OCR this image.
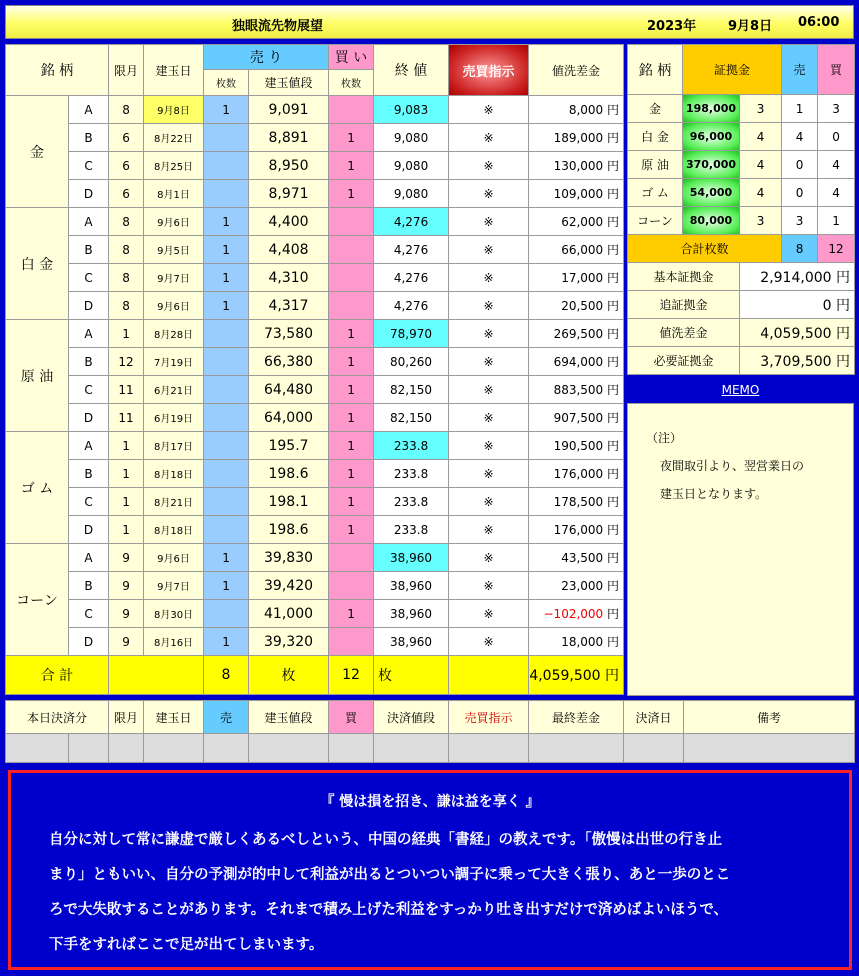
独眼流先物展望	2023年 9月8日 06:00
銘 柄		限月	建玉日	売 り		買 い	終 値	売買指示	値洗差金
				枚数	建玉値段	枚数			
金	A	8	9月8日	1	9,091		9,083	※	8,000 円
	B	6	8月22日		8,891	1	9,080	※	189,000 円
	C	6	8月25日		8,950	1	9,080	※	130,000 円
	D	6	8月1日		8,971	1	9,080	※	109,000 円
白 金	A	8	9月6日	1	4,400		4,276	※	62,000 円
	B	8	9月5日	1	4,408		4,276	※	66,000 円
	C	8	9月7日	1	4,310		4,276	※	17,000 円
	D	8	9月6日	1	4,317		4,276	※	20,500 円
原 油	A	1	8月28日		73,580	1	78,970	※	269,500 円
	B	12	7月19日		66,380	1	80,260	※	694,000 円
	C	11	6月21日		64,480	1	82,150	※	883,500 円
	D	11	6月19日		64,000	1	82,150	※	907,500 円
ゴ ム	A	1	8月17日		195.7	1	233.8	※	190,500 円
	B	1	8月18日		198.6	1	233.8	※	176,000 円
	C	1	8月21日		198.1	1	233.8	※	178,500 円
	D	1	8月18日		198.6	1	233.8	※	176,000 円
コーン	A	9	9月6日	1	39,830		38,960	※	43,500 円
	B	9	9月7日	1	39,420		38,960	※	23,000 円
	C	9	8月30日		41,000	1	38,960	※	−102,000 円
	D	9	8月16日	1	39,320		38,960	※	18,000 円
合 計				8	枚	12	枚		4,059,500 円
銘 柄	証拠金		売	買
金	198,000	3	1	3
白 金	96,000	4	4	0
原 油	370,000	4	0	4
ゴ ム	54,000	4	0	4
コーン	80,000	3	3	1
合計枚数			8	12
基本証拠金		2,914,000 円		
追証拠金		0 円		
値洗差金		4,059,500 円		
必要証拠金		3,709,500 円		
MEMO
（注）
夜間取引より、翌営業日の
建玉日となります。
本日決済分		限月	建玉日	売	建玉値段	買	決済値段	売買指示	最終差金	決済日	備考

『 慢は損を招き、謙は益を享く 』
自分に対して常に謙虚で厳しくあるべしという、中国の経典「書経」の教えです。「傲慢は出世の行き止
まり」ともいい、自分の予測が的中して利益が出るとついつい調子に乗って大きく張り、あと一歩のとこ
ろで大失敗することがあります。それまで積み上げた利益をすっかり吐き出すだけで済めばよいほうで、
下手をすればここで足が出てしまいます。
